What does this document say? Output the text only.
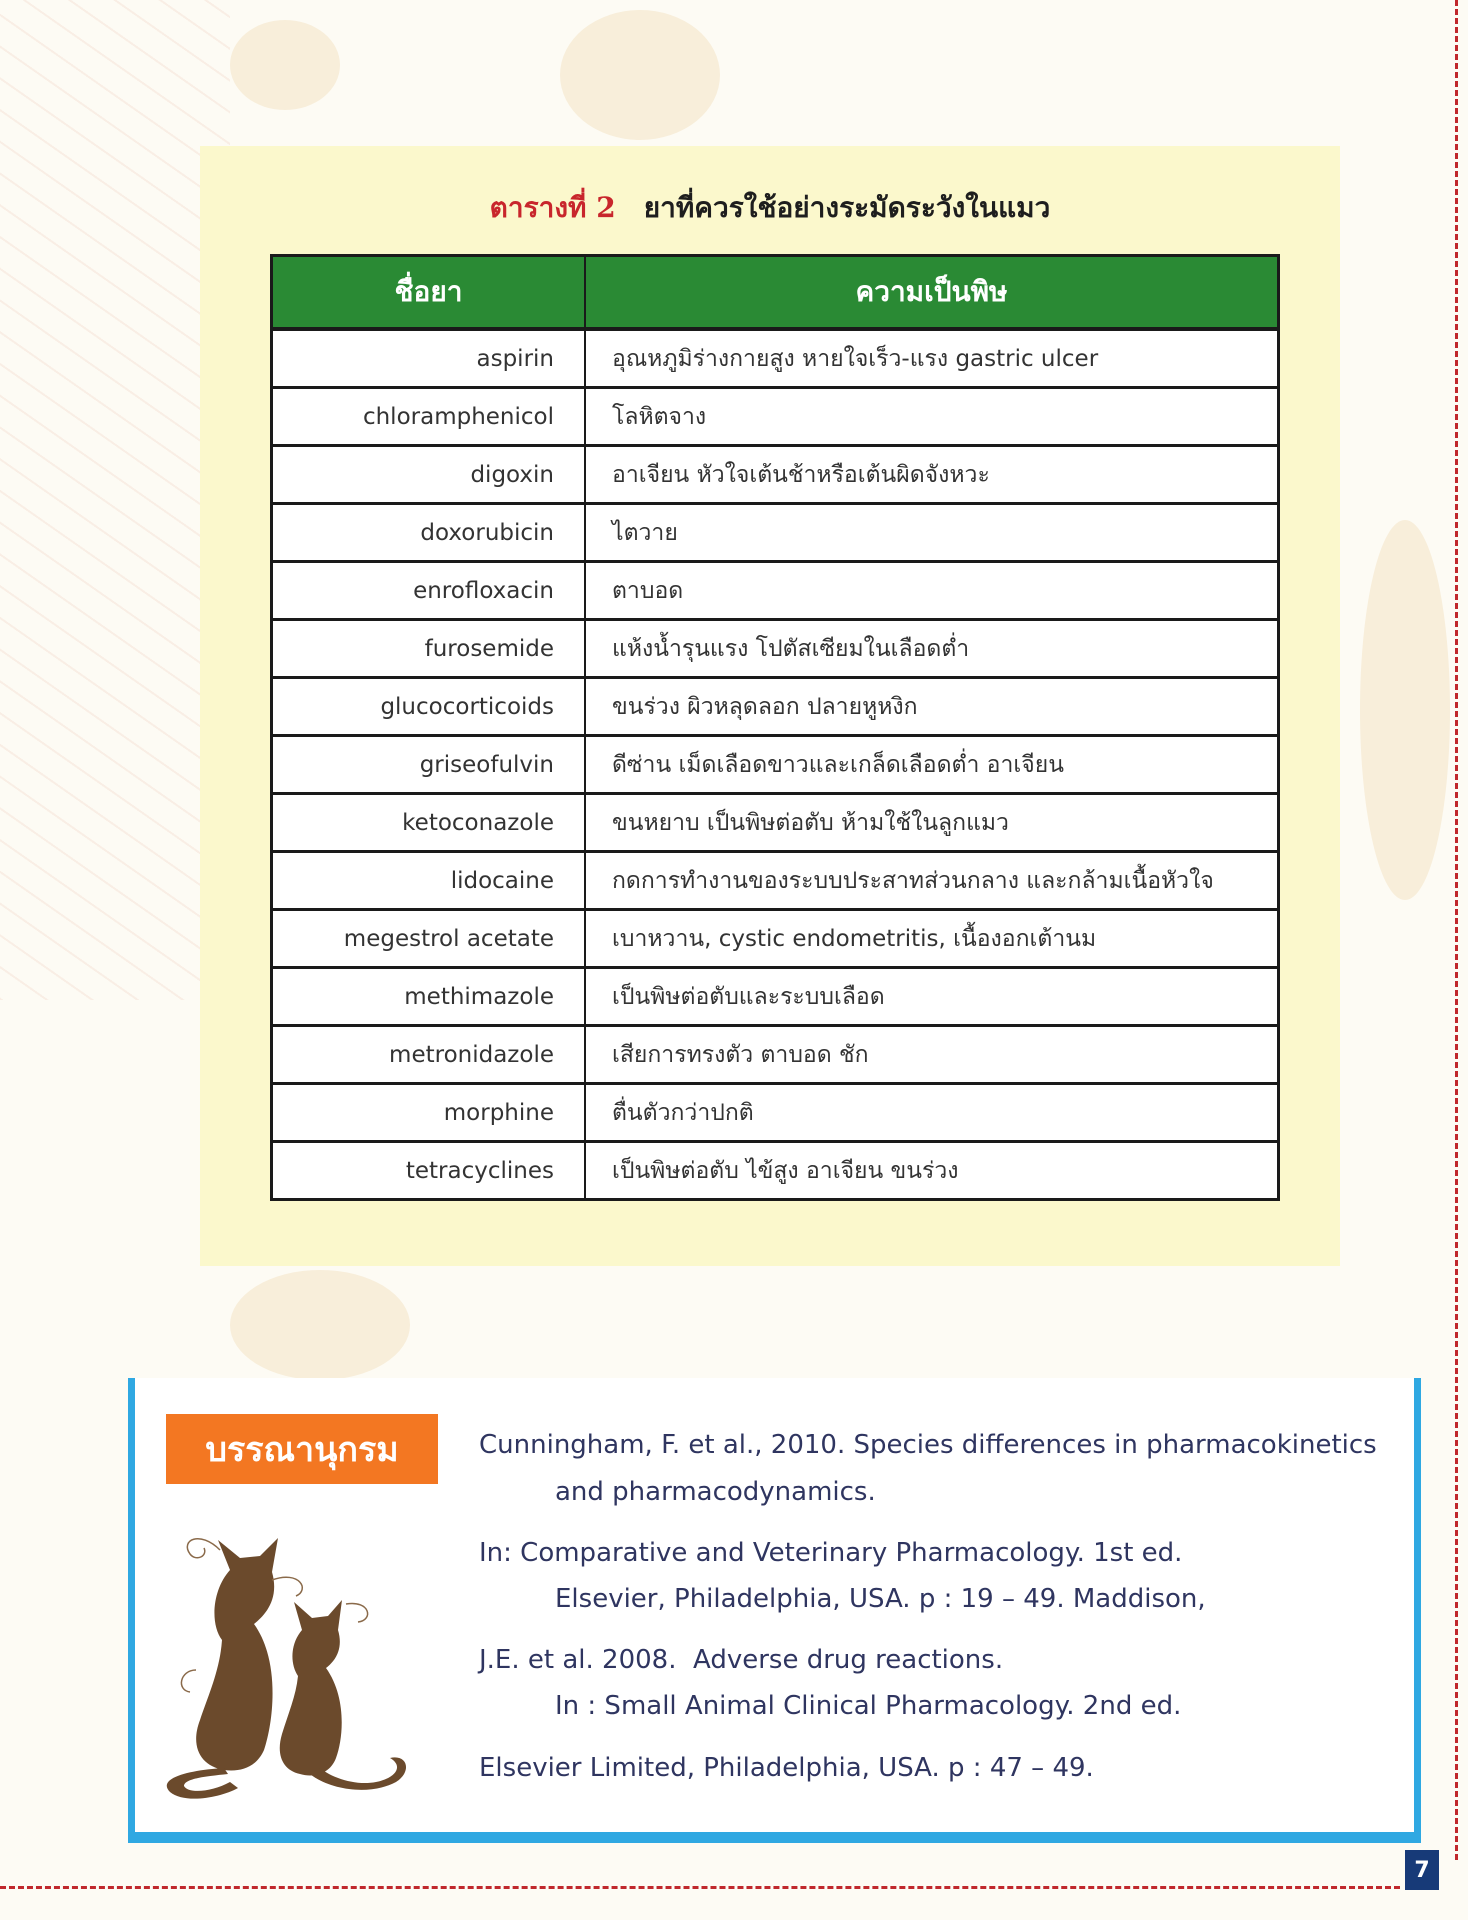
7
ตารางที่ 2 ยาที่ควรใช้อย่างระมัดระวังในแมว
ชื่อยา	ความเป็นพิษ
aspirin	อุณหภูมิร่างกายสูง หายใจเร็ว-แรง gastric ulcer
chloramphenicol	โลหิตจาง
digoxin	อาเจียน หัวใจเต้นช้าหรือเต้นผิดจังหวะ
doxorubicin	ไตวาย
enrofloxacin	ตาบอด
furosemide	แห้งน้ำรุนแรง โปตัสเซียมในเลือดต่ำ
glucocorticoids	ขนร่วง ผิวหลุดลอก ปลายหูหงิก
griseofulvin	ดีซ่าน เม็ดเลือดขาวและเกล็ดเลือดต่ำ อาเจียน
ketoconazole	ขนหยาบ เป็นพิษต่อตับ ห้ามใช้ในลูกแมว
lidocaine	กดการทำงานของระบบประสาทส่วนกลาง และกล้ามเนื้อหัวใจ
megestrol acetate	เบาหวาน, cystic endometritis, เนื้องอกเต้านม
methimazole	เป็นพิษต่อตับและระบบเลือด
metronidazole	เสียการทรงตัว ตาบอด ชัก
morphine	ตื่นตัวกว่าปกติ
tetracyclines	เป็นพิษต่อตับ ไข้สูง อาเจียน ขนร่วง
บรรณานุกรม	Cunningham, F. et al., 2010. Species differences in pharmacokinetics
and pharmacodynamics.
In: Comparative and Veterinary Pharmacology. 1st ed.
Elsevier, Philadelphia, USA. p : 19 – 49. Maddison,
J.E. et al. 2008.  Adverse drug reactions.
In : Small Animal Clinical Pharmacology. 2nd ed.
Elsevier Limited, Philadelphia, USA. p : 47 – 49.
